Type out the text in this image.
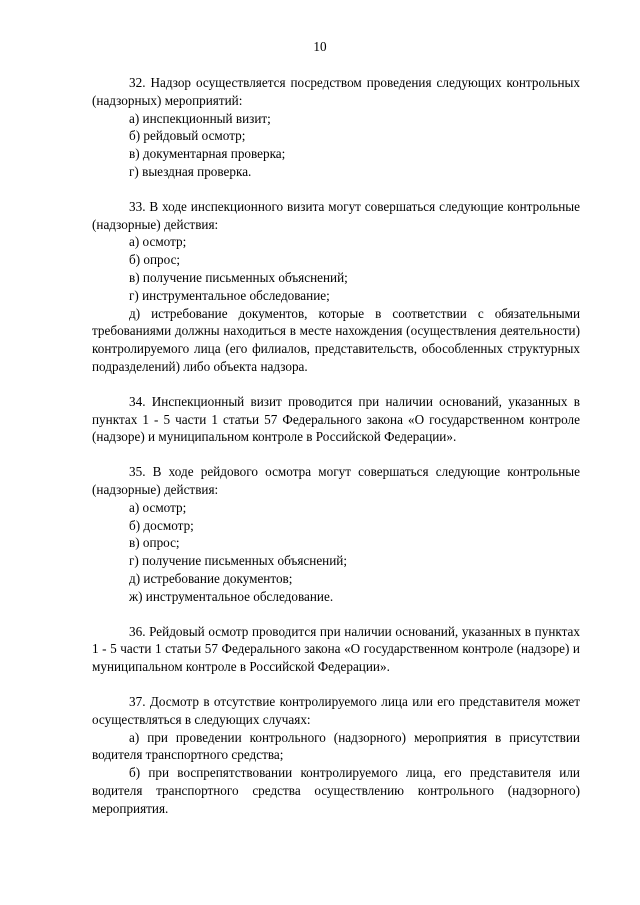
10

32. Надзор осуществляется посредством проведения следующих контрольных (надзорных) мероприятий:

а) инспекционный визит;
б) рейдовый осмотр;
в) документарная проверка;
г) выездная проверка.

33. В ходе инспекционного визита могут совершаться следующие контрольные (надзорные) действия:

а) осмотр;
б) опрос;
в) получение письменных объяснений;
г) инструментальное обследование;

д) истребование документов, которые в соответствии с обязательными требованиями должны находиться в месте нахождения (осуществления деятельности) контролируемого лица (его филиалов, представительств, обособленных структурных подразделений) либо объекта надзора.

34. Инспекционный визит проводится при наличии оснований, указанных в пунктах 1 - 5 части 1 статьи 57 Федерального закона «О государственном контроле (надзоре) и муниципальном контроле в Российской Федерации».

35. В ходе рейдового осмотра могут совершаться следующие контрольные (надзорные) действия:

а) осмотр;
б) досмотр;
в) опрос;
г) получение письменных объяснений;
д) истребование документов;
ж) инструментальное обследование.

36. Рейдовый осмотр проводится при наличии оснований, указанных в пунктах 1 - 5 части 1 статьи 57 Федерального закона «О государственном контроле (надзоре) и муниципальном контроле в Российской Федерации».

37. Досмотр в отсутствие контролируемого лица или его представителя может осуществляться в следующих случаях:

а) при проведении контрольного (надзорного) мероприятия в присутствии водителя транспортного средства;

б) при воспрепятствовании контролируемого лица, его представителя или водителя транспортного средства осуществлению контрольного (надзорного) мероприятия.
